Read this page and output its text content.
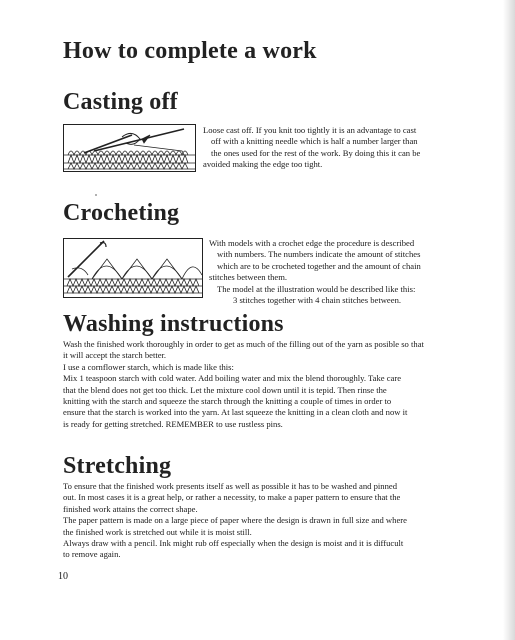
How to complete a work
Casting off

Loose cast off. If you knit too tightly it is an advantage to cast

off with a knitting needle which is half a number larger than

the ones used for the rest of the work. By doing this it can be

avoided making the edge too tight.

Crocheting

With models with a crochet edge the procedure is described

with numbers. The numbers indicate the amount of stitches

which are to be crocheted together and the amount of chain

stitches between them.

The model at the illustration would be described like this:

3 stitches together with 4 chain stitches between.

Washing instructions

Wash the finished work thoroughly in order to get as much of the filling out of the yarn as posible so that

it will accept the starch better.

I use a cornflower starch, which is made like this:

Mix 1 teaspoon starch with cold water. Add boiling water and mix the blend thoroughly. Take care

that the blend does not get too thick. Let the mixture cool down until it is tepid. Then rinse the

knitting with the starch and squeeze the starch through the knitting a couple of times in order to

ensure that the starch is worked into the yarn. At last squeeze the knitting in a clean cloth and now it

is ready for getting stretched. REMEMBER to use rustless pins.

Stretching

To ensure that the finished work presents itself as well as possible it has to be washed and pinned

out. In most cases it is a great help, or rather a necessity, to make a paper pattern to ensure that the

finished work attains the correct shape.

The paper pattern is made on a large piece of paper where the design is drawn in full size and where

the finished work is stretched out while it is moist still.

Always draw with a pencil. Ink might rub off especially when the design is moist and it is diffucult

to remove again.

10
